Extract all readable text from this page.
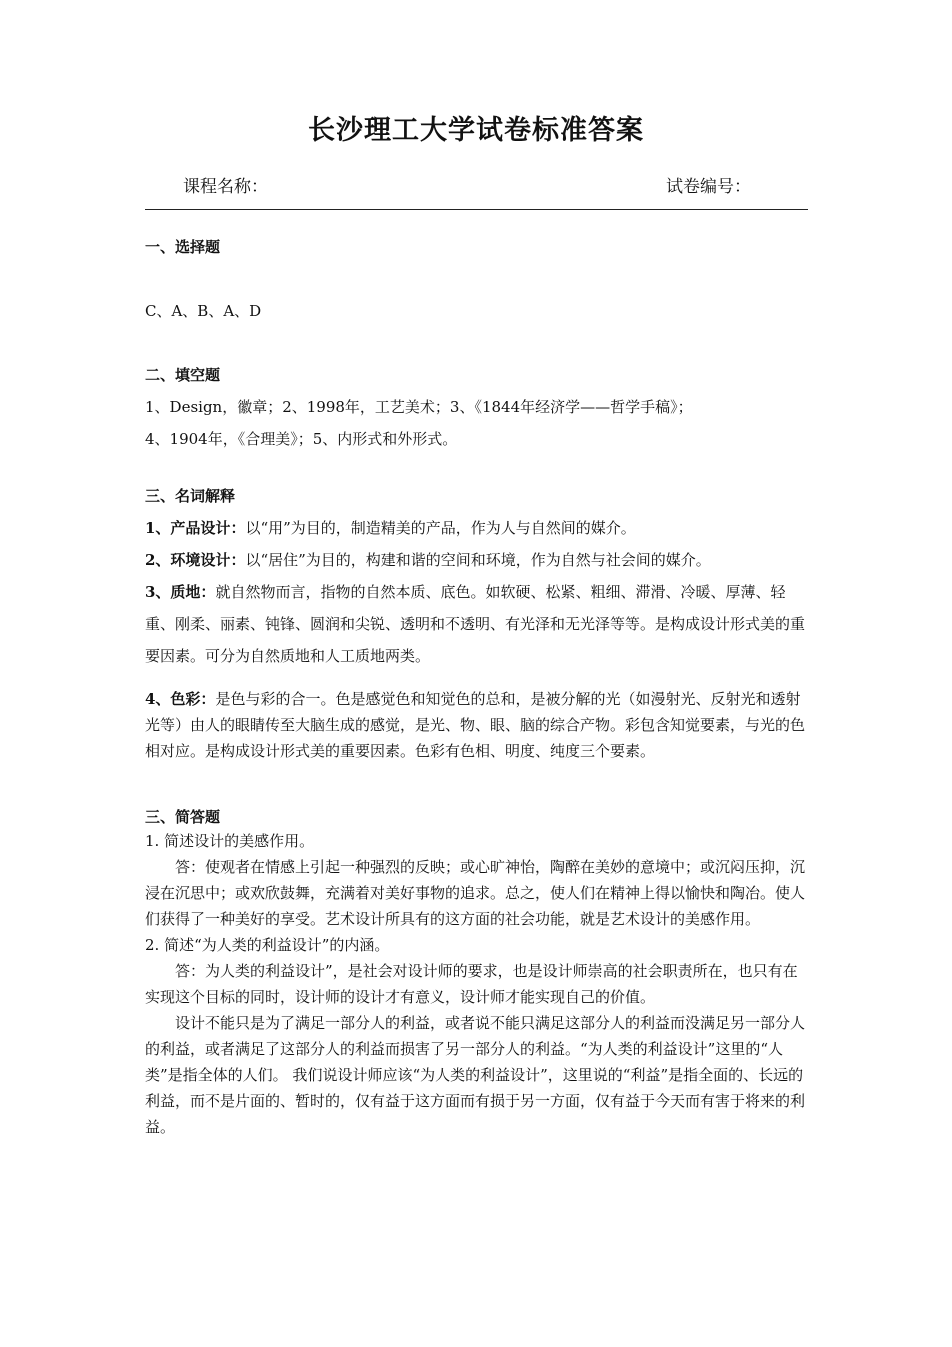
长沙理工大学试卷标准答案
课程名称：	试卷编号：

一、选择题

C、A、B、A、D

二、填空题

1、Design，徽章；2、1998年，工艺美术；3、《1844年经济学——哲学手稿》；

4、1904年，《合理美》；5、内形式和外形式。

三、名词解释

1、产品设计：以“用”为目的，制造精美的产品，作为人与自然间的媒介。

2、环境设计：以“居住”为目的，构建和谐的空间和环境，作为自然与社会间的媒介。

3、质地：就自然物而言，指物的自然本质、底色。如软硬、松紧、粗细、滞滑、冷暖、厚薄、轻重、刚柔、丽素、钝锋、圆润和尖锐、透明和不透明、有光泽和无光泽等等。是构成设计形式美的重要因素。可分为自然质地和人工质地两类。

4、色彩：是色与彩的合一。色是感觉色和知觉色的总和，是被分解的光（如漫射光、反射光和透射光等）由人的眼睛传至大脑生成的感觉，是光、物、眼、脑的综合产物。彩包含知觉要素，与光的色相对应。是构成设计形式美的重要因素。色彩有色相、明度、纯度三个要素。

三、简答题

1. 简述设计的美感作用。

答：使观者在情感上引起一种强烈的反映；或心旷神怡，陶醉在美妙的意境中；或沉闷压抑，沉浸在沉思中；或欢欣鼓舞，充满着对美好事物的追求。总之，使人们在精神上得以愉快和陶冶。使人们获得了一种美好的享受。艺术设计所具有的这方面的社会功能，就是艺术设计的美感作用。

2. 简述“为人类的利益设计”的内涵。

答：为人类的利益设计”，是社会对设计师的要求，也是设计师崇高的社会职责所在，也只有在实现这个目标的同时，设计师的设计才有意义，设计师才能实现自己的价值。

设计不能只是为了满足一部分人的利益，或者说不能只满足这部分人的利益而没满足另一部分人的利益，或者满足了这部分人的利益而损害了另一部分人的利益。“为人类的利益设计”这里的“人类”是指全体的人们。 我们说设计师应该“为人类的利益设计”，这里说的“利益”是指全面的、长远的利益，而不是片面的、暂时的，仅有益于这方面而有损于另一方面，仅有益于今天而有害于将来的利益。
